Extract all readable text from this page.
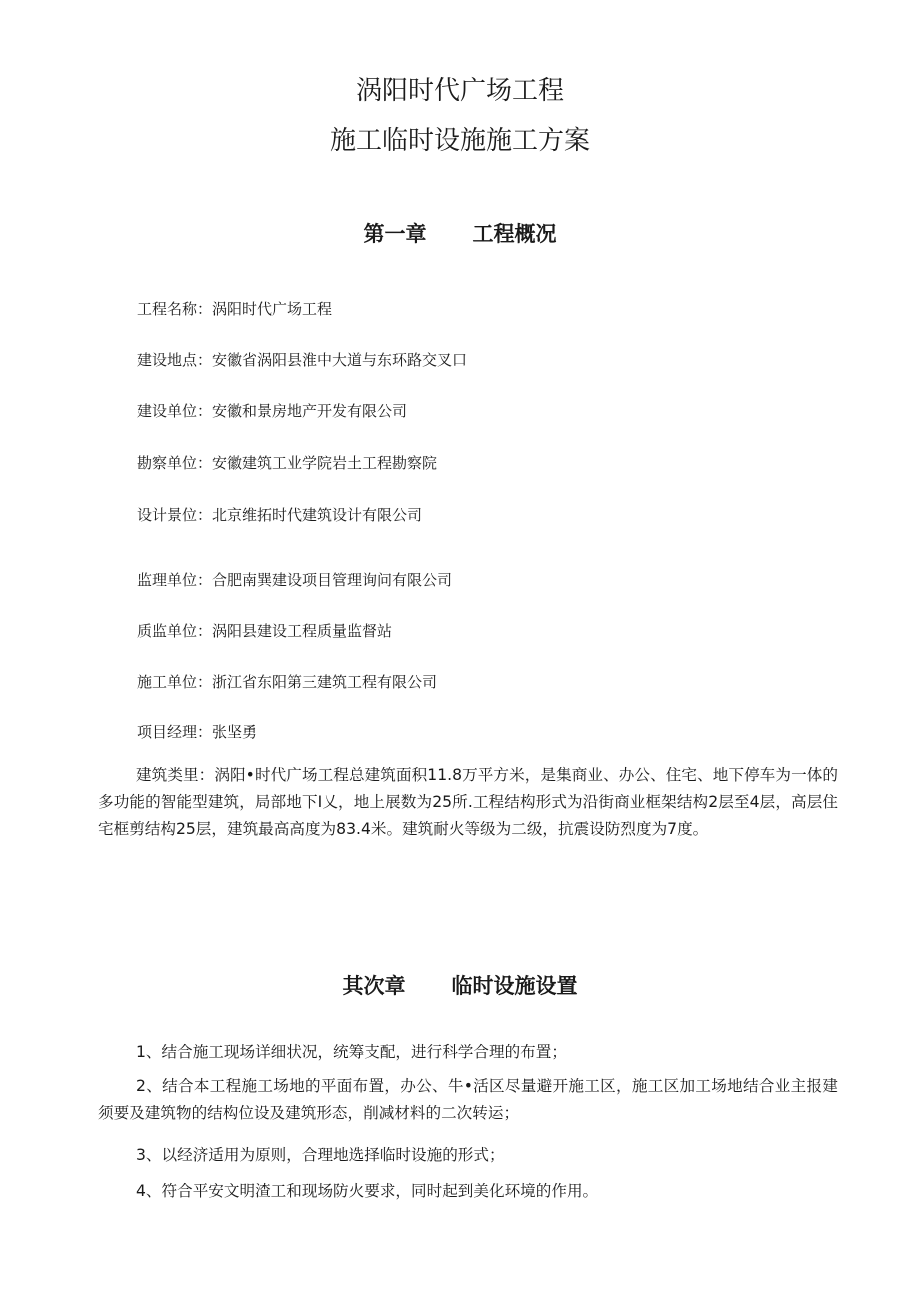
涡阳时代广场工程
施工临时设施施工方案
第一章 工程概况
工程名称：涡阳时代广场工程
建设地点：安徽省涡阳县淮中大道与东环路交叉口
建设单位：安徽和景房地产开发有限公司
勘察单位：安徽建筑工业学院岩土工程勘察院
设计景位：北京维拓时代建筑设计有限公司
监理单位：合肥南巽建设项目管理询问有限公司
质监单位：涡阳县建设工程质量监督站
施工单位：浙江省东阳第三建筑工程有限公司
项目经理：张坚勇
建筑类里：涡阳•时代广场工程总建筑面积11.8万平方米，是集商业、办公、住宅、地下停车为一体的多功能的智能型建筑，局部地下I乂，地上展数为25所.工程结构形式为沿街商业框架结构2层至4层，高层住宅框剪结构25层，建筑最高高度为83.4米。建筑耐火等级为二级，抗震设防烈度为7度。
其次章 临时设施设置
1、结合施工现场详细状况，统筹支配，进行科学合理的布置；
2、结合本工程施工场地的平面布置，办公、牛•活区尽量避开施工区，施工区加工场地结合业主报建须要及建筑物的结构位设及建筑形态，削减材料的二次转运；
3、以经济适用为原则，合理地选择临时设施的形式；
4、符合平安文明渣工和现场防火要求，同时起到美化环境的作用。
